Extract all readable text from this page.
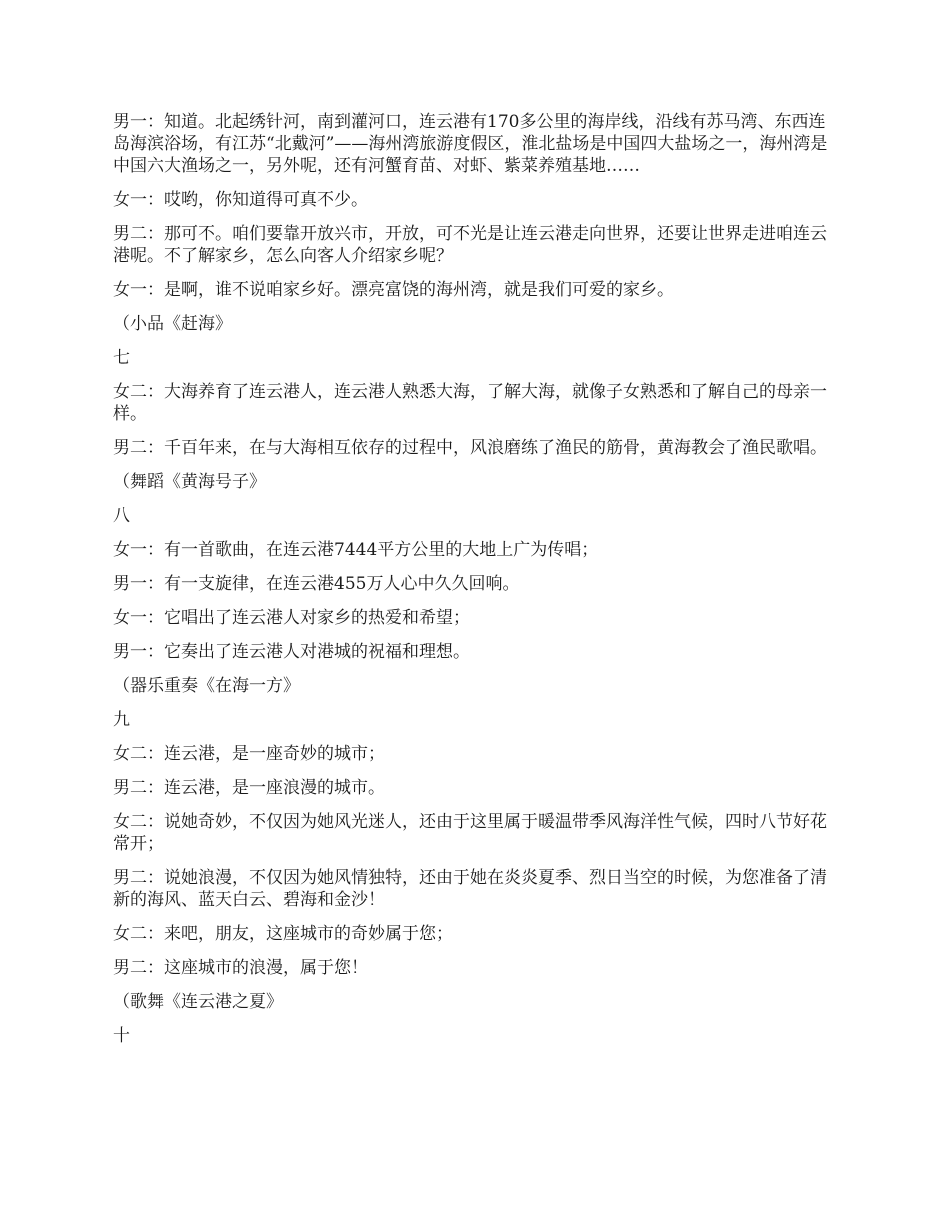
男一：知道。北起绣针河，南到灌河口，连云港有170多公里的海岸线，沿线有苏马湾、东西连岛海滨浴场，有江苏“北戴河”——海州湾旅游度假区，淮北盐场是中国四大盐场之一，海州湾是中国六大渔场之一，另外呢，还有河蟹育苗、对虾、紫菜养殖基地……

女一：哎哟，你知道得可真不少。

男二：那可不。咱们要靠开放兴市，开放，可不光是让连云港走向世界，还要让世界走进咱连云港呢。不了解家乡，怎么向客人介绍家乡呢？

女一：是啊，谁不说咱家乡好。漂亮富饶的海州湾，就是我们可爱的家乡。

（小品《赶海》

七

女二：大海养育了连云港人，连云港人熟悉大海，了解大海，就像子女熟悉和了解自己的母亲一样。

男二：千百年来，在与大海相互依存的过程中，风浪磨练了渔民的筋骨，黄海教会了渔民歌唱。

（舞蹈《黄海号子》

八

女一：有一首歌曲，在连云港7444平方公里的大地上广为传唱；

男一：有一支旋律，在连云港455万人心中久久回响。

女一：它唱出了连云港人对家乡的热爱和希望；

男一：它奏出了连云港人对港城的祝福和理想。

（器乐重奏《在海一方》

九

女二：连云港，是一座奇妙的城市；

男二：连云港，是一座浪漫的城市。

女二：说她奇妙，不仅因为她风光迷人，还由于这里属于暖温带季风海洋性气候，四时八节好花常开；

男二：说她浪漫，不仅因为她风情独特，还由于她在炎炎夏季、烈日当空的时候，为您准备了清新的海风、蓝天白云、碧海和金沙！

女二：来吧，朋友，这座城市的奇妙属于您；

男二：这座城市的浪漫，属于您！

（歌舞《连云港之夏》

十
